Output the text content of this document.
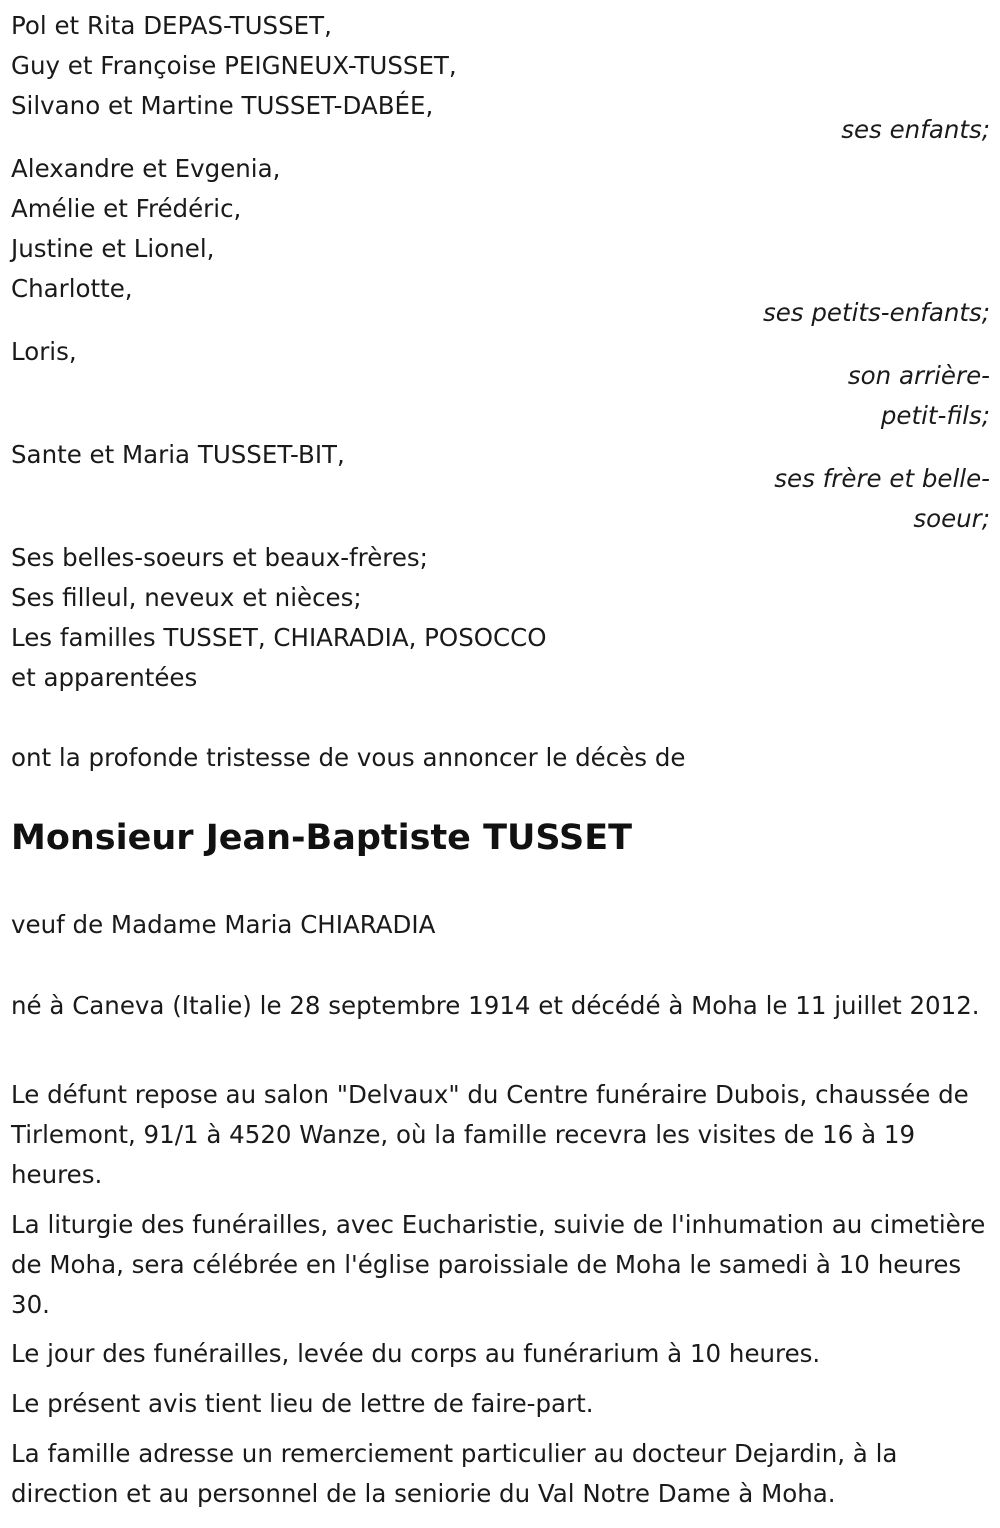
Pol et Rita DEPAS-TUSSET,
Guy et Françoise PEIGNEUX-TUSSET,
Silvano et Martine TUSSET-DABÉE,
ses enfants;
Alexandre et Evgenia,
Amélie et Frédéric,
Justine et Lionel,
Charlotte,
ses petits-enfants;
Loris,
son arrière-
petit-fils;
Sante et Maria TUSSET-BIT,
ses frère et belle-
soeur;
Ses belles-soeurs et beaux-frères;
Ses filleul, neveux et nièces;
Les familles TUSSET, CHIARADIA, POSOCCO
et apparentées
ont la profonde tristesse de vous annoncer le décès de
Monsieur Jean-Baptiste TUSSET
veuf de Madame Maria CHIARADIA
né à Caneva (Italie) le 28 septembre 1914 et décédé à Moha le 11 juillet 2012.
Le défunt repose au salon "Delvaux" du Centre funéraire Dubois, chaussée de Tirlemont, 91/1 à 4520 Wanze, où la famille recevra les visites de 16 à 19 heures.
La liturgie des funérailles, avec Eucharistie, suivie de l'inhumation au cimetière de Moha, sera célébrée en l'église paroissiale de Moha le samedi à 10 heures 30.
Le jour des funérailles, levée du corps au funérarium à 10 heures.
Le présent avis tient lieu de lettre de faire-part.
La famille adresse un remerciement particulier au docteur Dejardin, à la direction et au personnel de la seniorie du Val Notre Dame à Moha.
